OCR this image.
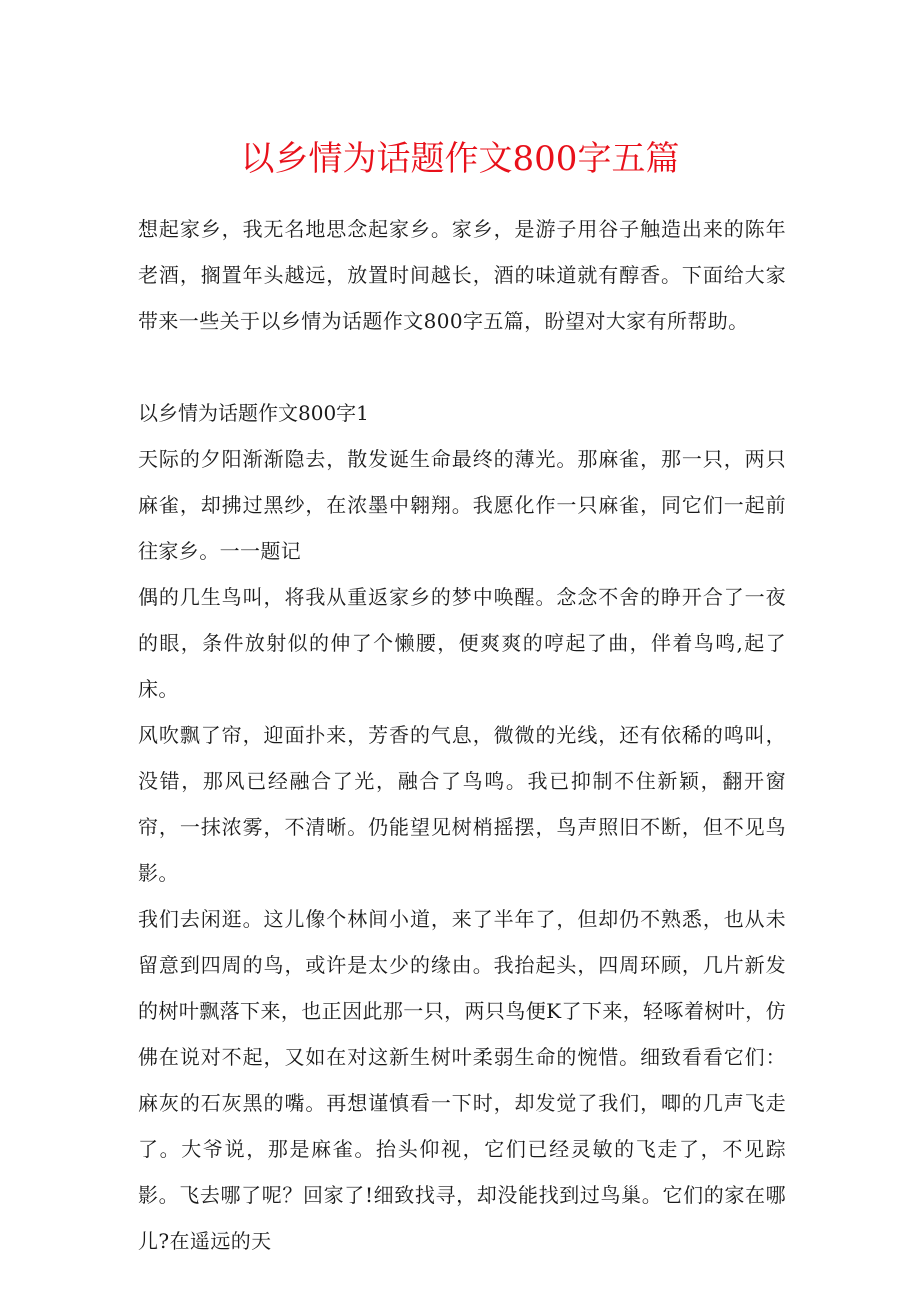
以乡情为话题作文800字五篇

想起家乡，我无名地思念起家乡。家乡，是游子用谷子触造出来的陈年老酒，搁置年头越远，放置时间越长，酒的味道就有醇香。下面给大家带来一些关于以乡情为话题作文800字五篇，盼望对大家有所帮助。

以乡情为话题作文800字1

天际的夕阳渐渐隐去，散发诞生命最终的薄光。那麻雀，那一只，两只麻雀，却拂过黑纱，在浓墨中翱翔。我愿化作一只麻雀，同它们一起前往家乡。一一题记

偶的几生鸟叫，将我从重返家乡的梦中唤醒。念念不舍的睁开合了一夜的眼，条件放射似的伸了个懒腰，便爽爽的哼起了曲，伴着鸟鸣,起了床。

风吹飘了帘，迎面扑来，芳香的气息，微微的光线，还有依稀的鸣叫，没错，那风已经融合了光，融合了鸟鸣。我已抑制不住新颖，翻开窗帘，一抹浓雾，不清晰。仍能望见树梢摇摆，鸟声照旧不断，但不见鸟影。

我们去闲逛。这儿像个林间小道，来了半年了，但却仍不熟悉，也从未留意到四周的鸟，或许是太少的缘由。我抬起头，四周环顾，几片新发的树叶飘落下来，也正因此那一只，两只鸟便K了下来，轻啄着树叶，仿佛在说对不起，又如在对这新生树叶柔弱生命的惋惜。细致看看它们：麻灰的石灰黑的嘴。再想谨慎看一下时，却发觉了我们，唧的几声飞走了。大爷说，那是麻雀。抬头仰视，它们已经灵敏的飞走了，不见踪影。飞去哪了呢？回家了!细致找寻，却没能找到过鸟巢。它们的家在哪儿?在遥远的天
